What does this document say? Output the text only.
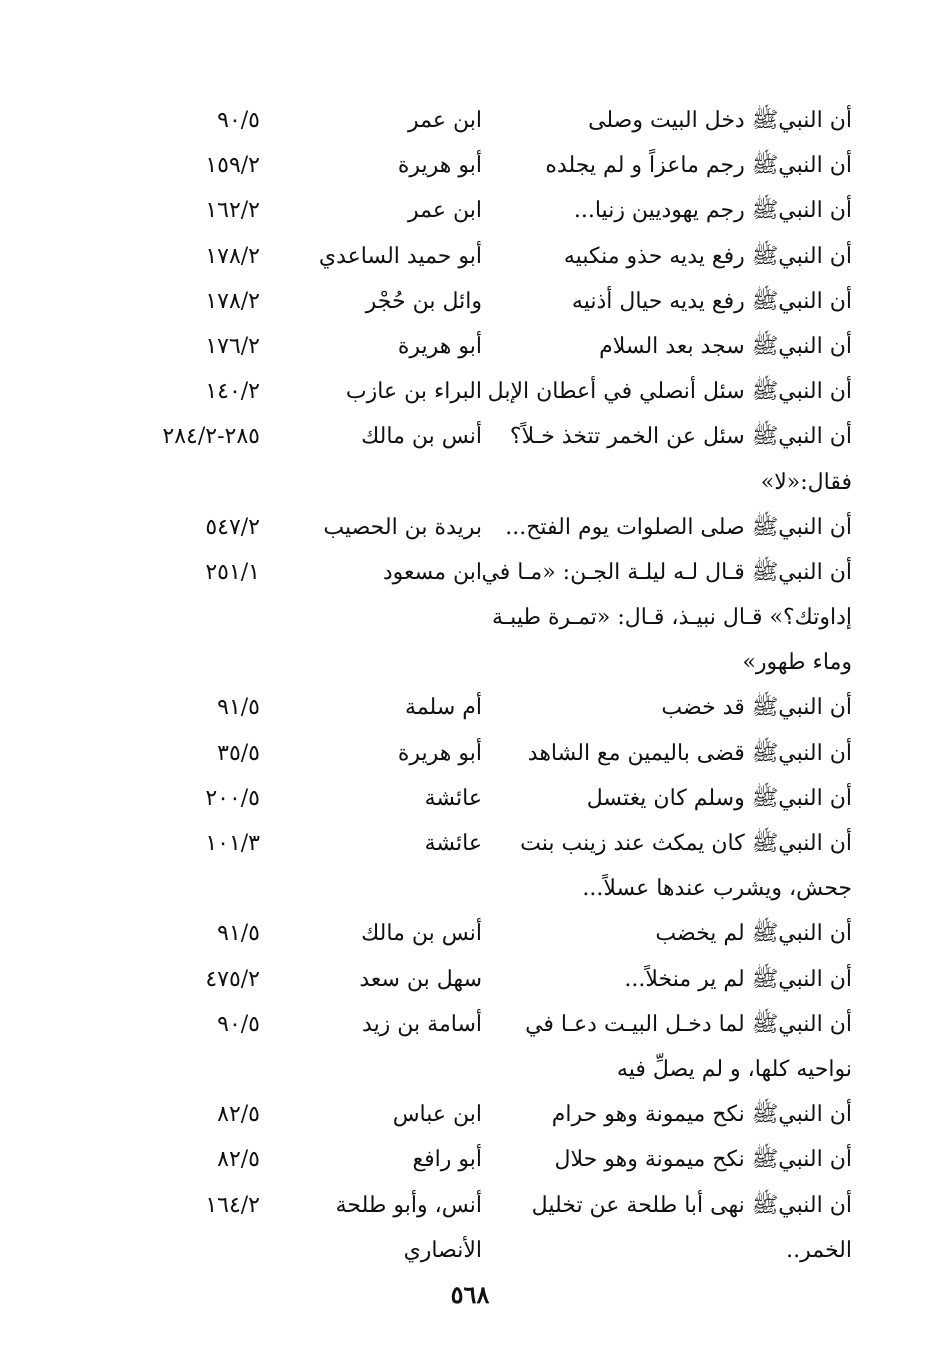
أن النبيﷺ دخل البيت وصلى
ابن عمر
٩٠/٥
أن النبيﷺ رجم ماعزاً و لم يجلده
أبو هريرة
١٥٩/٢
أن النبيﷺ رجم يهوديين زنيا...
ابن عمر
١٦٢/٢
أن النبيﷺ رفع يديه حذو منكبيه
أبو حميد الساعدي
١٧٨/٢
أن النبيﷺ رفع يديه حيال أذنيه
وائل بن حُجْر
١٧٨/٢
أن النبيﷺ سجد بعد السلام
أبو هريرة
١٧٦/٢
أن النبيﷺ سئل أنصلي في أعطان الإبل
البراء بن عازب
١٤٠/٢
أن النبيﷺ سئل عن الخمر تتخذ خـلاً؟
أنس بن مالك
٢٨٥-٢٨٤/٢
فقال:«لا»
أن النبيﷺ صلى الصلوات يوم الفتح...
بريدة بن الحصيب
٥٤٧/٢
أن النبيﷺ قـال لـه ليلـة الجـن: «مـا في
ابن مسعود
٢٥١/١
إداوتك؟» قـال نبيـذ، قـال: «تمـرة طيبـة
وماء طهور»
أن النبيﷺ قد خضب
أم سلمة
٩١/٥
أن النبيﷺ قضى باليمين مع الشاهد
أبو هريرة
٣٥/٥
أن النبيﷺ وسلم كان يغتسل
عائشة
٢٠٠/٥
أن النبيﷺ كان يمكث عند زينب بنت
عائشة
١٠١/٣
جحش، ويشرب عندها عسلاً...
أن النبيﷺ لم يخضب
أنس بن مالك
٩١/٥
أن النبيﷺ لم ير منخلاً...
سهل بن سعد
٤٧٥/٢
أن النبيﷺ لما دخـل البيـت دعـا في
أسامة بن زيد
٩٠/٥
نواحيه كلها، و لم يصلِّ فيه
أن النبيﷺ نكح ميمونة وهو حرام
ابن عباس
٨٢/٥
أن النبيﷺ نكح ميمونة وهو حلال
أبو رافع
٨٢/٥
أن النبيﷺ نهى أبا طلحة عن تخليل
أنس، وأبو طلحة
١٦٤/٢
الخمر..
الأنصاري
٥٦٨
